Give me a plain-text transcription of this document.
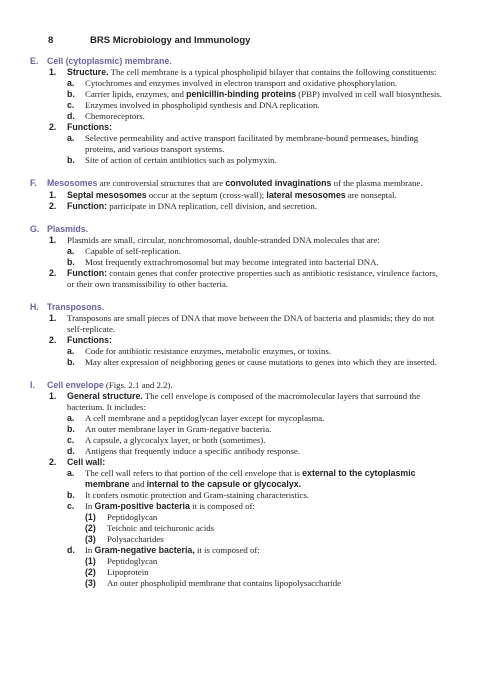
8	BRS Microbiology and Immunology
E. Cell (cytoplasmic) membrane.
1.	Structure. The cell membrane is a typical phospholipid bilayer that contains the following constituents:
a.	Cytochromes and enzymes involved in electron transport and oxidative phosphorylation.
b.	Carrier lipids, enzymes, and penicillin-binding proteins (PBP) involved in cell wall biosynthesis.
c.	Enzymes involved in phospholipid synthesis and DNA replication.
d.	Chemoreceptors.
2.	Functions:
a.	Selective permeability and active transport facilitated by membrane-bound permeases, binding proteins, and various transport systems.
b.	Site of action of certain antibiotics such as polymyxin.
F.	Mesosomes are controversial structures that are convoluted invaginations of the plasma membrane.
1.	Septal mesosomes occur at the septum (cross-wall); lateral mesosomes are nonseptal.
2.	Function: participate in DNA replication, cell division, and secretion.
G. Plasmids.
1.	Plasmids are small, circular, nonchromosomal, double-stranded DNA molecules that are:
a.	Capable of self-replication.
b.	Most frequently extrachromosomal but may become integrated into bacterial DNA.
2.	Function: contain genes that confer protective properties such as antibiotic resistance, virulence factors, or their own transmissibility to other bacteria.
H. Transposons.
1.	Transposons are small pieces of DNA that move between the DNA of bacteria and plasmids; they do not self-replicate.
2.	Functions:
a.	Code for antibiotic resistance enzymes, metabolic enzymes, or toxins.
b.	May alter expression of neighboring genes or cause mutations to genes into which they are inserted.
I.	Cell envelope (Figs. 2.1 and 2.2).
1.	General structure. The cell envelope is composed of the macromolecular layers that surround the bacterium. It includes:
a.	A cell membrane and a peptidoglycan layer except for mycoplasma.
b.	An outer membrane layer in Gram-negative bacteria.
c.	A capsule, a glycocalyx layer, or both (sometimes).
d.	Antigens that frequently induce a specific antibody response.
2.	Cell wall:
a.	The cell wall refers to that portion of the cell envelope that is external to the cytoplasmic membrane and internal to the capsule or glycocalyx.
b.	It confers osmotic protection and Gram-staining characteristics.
c.	In Gram-positive bacteria it is composed of:
(1)	Peptidoglycan
(2)	Teichoic and teichuronic acids
(3)	Polysaccharides
d.	In Gram-negative bacteria, it is composed of:
(1)	Peptidoglycan
(2)	Lipoprotein
(3)	An outer phospholipid membrane that contains lipopolysaccharide
